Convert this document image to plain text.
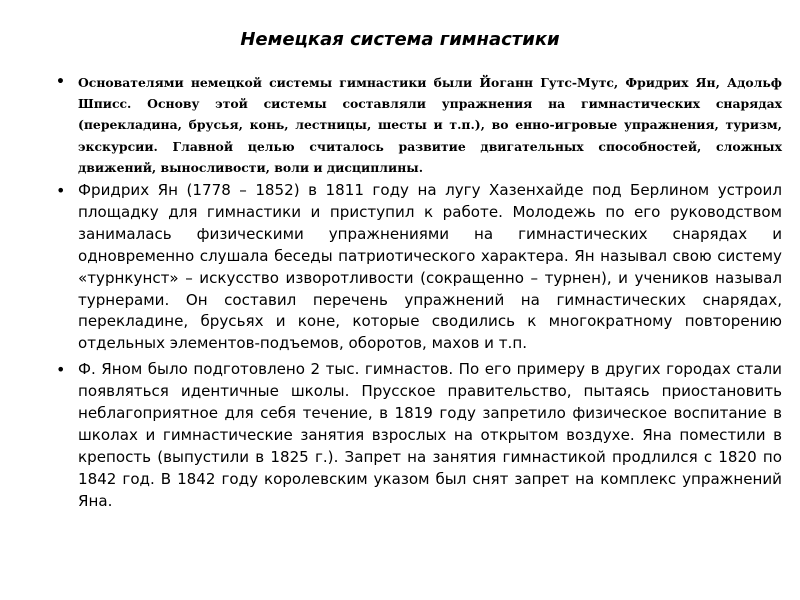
Немецкая система гимнастики
• Основателями немецкой системы гимнастики были Йоганн Гутс-Мутс, Фридрих Ян, Адольф Шписс. Основу этой системы составляли упражнения на гимнастических снарядах (перекладина, брусья, конь, лестницы, шесты и т.п.), во енно-игровые упражнения, туризм, экскурсии. Главной целью считалось развитие двигательных способностей, сложных движений, выносливости, воли и дисциплины.
• Фридрих Ян (1778 – 1852) в 1811 году на лугу Хазенхайде под Берлином устроил площадку для гимнастики и приступил к работе. Молодежь по его руководством занималась физическими упражнениями на гимнастических снарядах и одновременно слушала беседы патриотического характера. Ян называл свою систему «турнкунст» – искусство изворотливости (сокращенно – турнен), и учеников называл турнерами. Он составил перечень упражнений на гимнастических снарядах, перекладине, брусьях и коне, которые сводились к многократному повторению отдельных элементов-подъемов, оборотов, махов и т.п.
• Ф. Яном было подготовлено 2 тыс. гимнастов. По его примеру в других городах стали появляться идентичные школы. Прусское правительство, пытаясь приостановить неблагоприятное для себя течение, в 1819 году запретило физическое воспитание в школах и гимнастические занятия взрослых на открытом воздухе. Яна поместили в крепость (выпустили в 1825 г.). Запрет на занятия гимнастикой продлился с 1820 по 1842 год. В 1842 году королевским указом был снят запрет на комплекс упражнений Яна.
